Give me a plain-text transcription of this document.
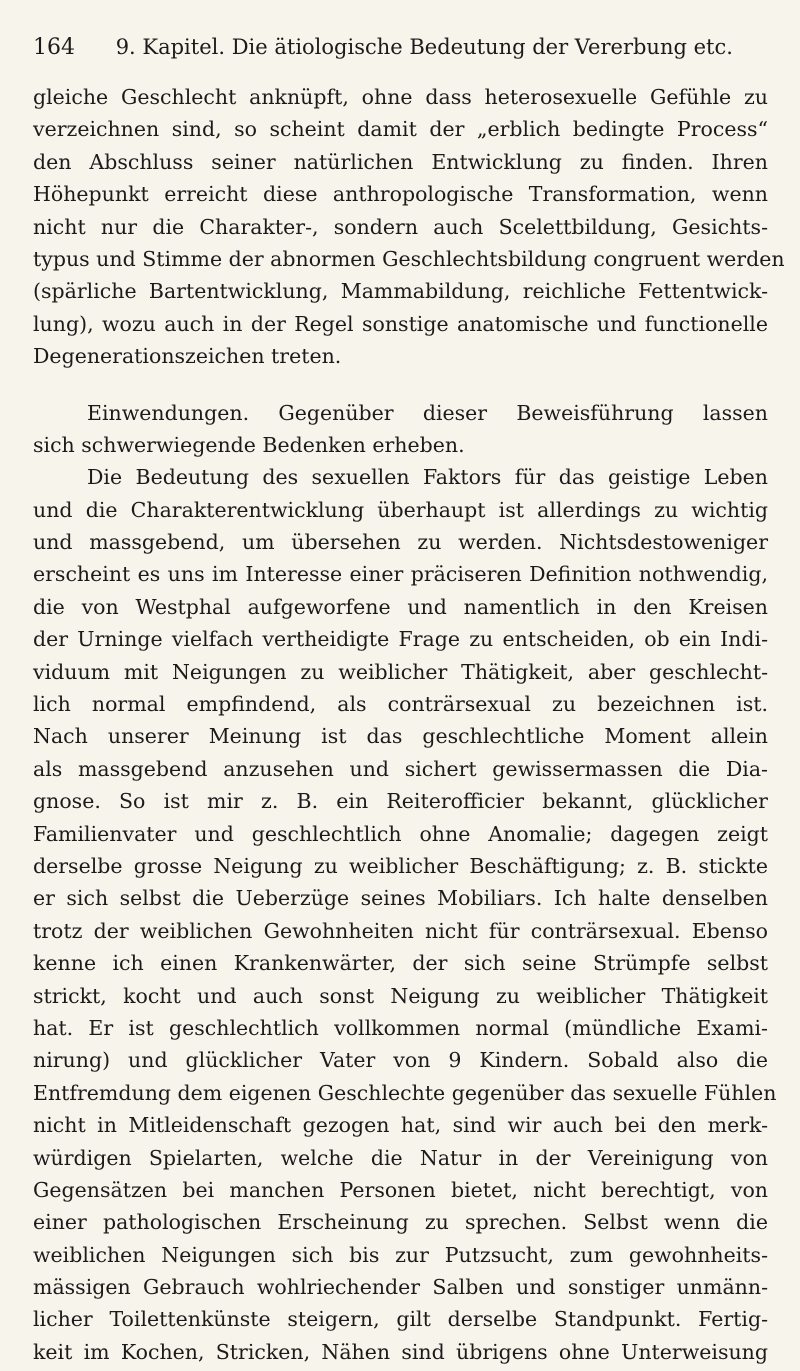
164 9. Kapitel. Die ätiologische Bedeutung der Vererbung etc.
gleiche Geschlecht anknüpft, ohne dass heterosexuelle Gefühle zu
verzeichnen sind, so scheint damit der „erblich bedingte Process“
den Abschluss seiner natürlichen Entwicklung zu finden. Ihren
Höhepunkt erreicht diese anthropologische Transformation, wenn
nicht nur die Charakter-, sondern auch Scelettbildung, Gesichts-
typus und Stimme der abnormen Geschlechtsbildung congruent werden
(spärliche Bartentwicklung, Mammabildung, reichliche Fettentwick-
lung), wozu auch in der Regel sonstige anatomische und functionelle
Degenerationszeichen treten.
Einwendungen. Gegenüber dieser Beweisführung lassen
sich schwerwiegende Bedenken erheben.
Die Bedeutung des sexuellen Faktors für das geistige Leben
und die Charakterentwicklung überhaupt ist allerdings zu wichtig
und massgebend, um übersehen zu werden. Nichtsdestoweniger
erscheint es uns im Interesse einer präciseren Definition nothwendig,
die von Westphal aufgeworfene und namentlich in den Kreisen
der Urninge vielfach vertheidigte Frage zu entscheiden, ob ein Indi-
viduum mit Neigungen zu weiblicher Thätigkeit, aber geschlecht-
lich normal empfindend, als conträrsexual zu bezeichnen ist.
Nach unserer Meinung ist das geschlechtliche Moment allein
als massgebend anzusehen und sichert gewissermassen die Dia-
gnose. So ist mir z. B. ein Reiterofficier bekannt, glücklicher
Familienvater und geschlechtlich ohne Anomalie; dagegen zeigt
derselbe grosse Neigung zu weiblicher Beschäftigung; z. B. stickte
er sich selbst die Ueberzüge seines Mobiliars. Ich halte denselben
trotz der weiblichen Gewohnheiten nicht für conträrsexual. Ebenso
kenne ich einen Krankenwärter, der sich seine Strümpfe selbst
strickt, kocht und auch sonst Neigung zu weiblicher Thätigkeit
hat. Er ist geschlechtlich vollkommen normal (mündliche Exami-
nirung) und glücklicher Vater von 9 Kindern. Sobald also die
Entfremdung dem eigenen Geschlechte gegenüber das sexuelle Fühlen
nicht in Mitleidenschaft gezogen hat, sind wir auch bei den merk-
würdigen Spielarten, welche die Natur in der Vereinigung von
Gegensätzen bei manchen Personen bietet, nicht berechtigt, von
einer pathologischen Erscheinung zu sprechen. Selbst wenn die
weiblichen Neigungen sich bis zur Putzsucht, zum gewohnheits-
mässigen Gebrauch wohlriechender Salben und sonstiger unmänn-
licher Toilettenkünste steigern, gilt derselbe Standpunkt. Fertig-
keit im Kochen, Stricken, Nähen sind übrigens ohne Unterweisung
